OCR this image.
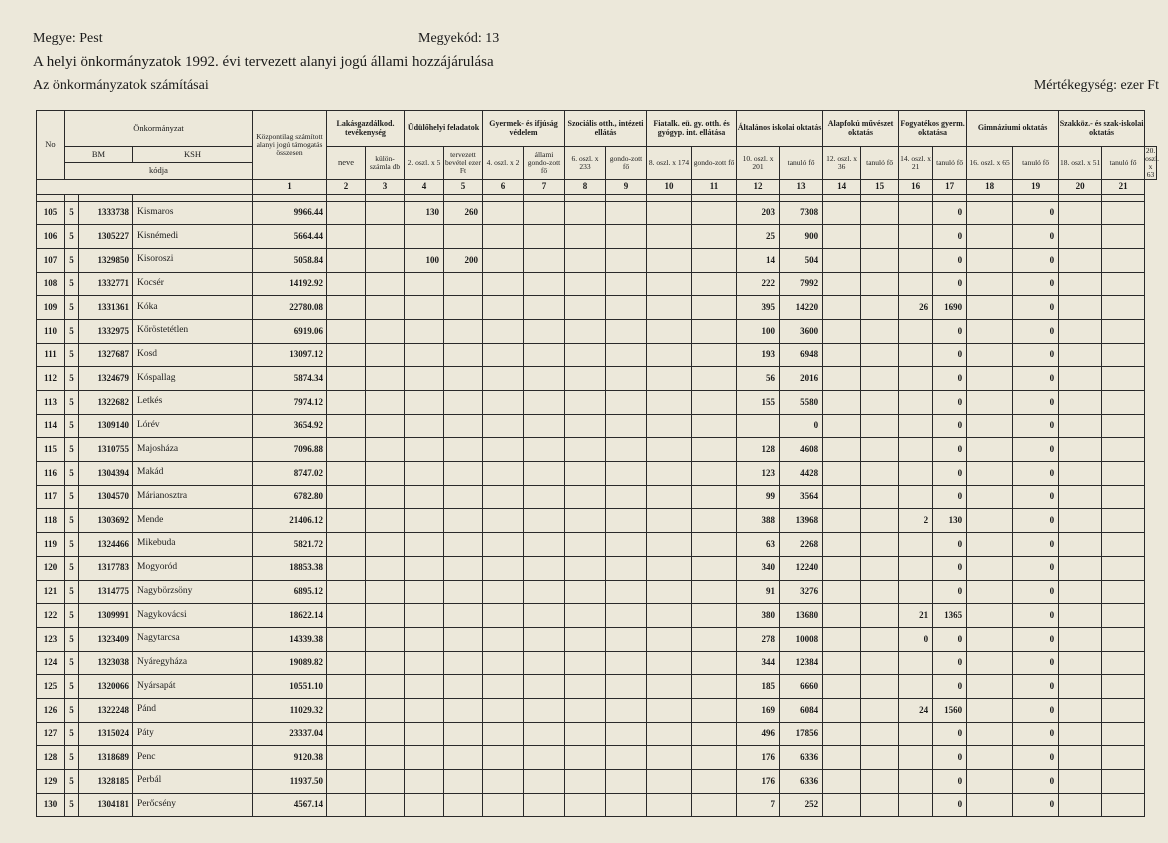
Megye: Pest	Megyekód: 13
A helyi önkormányzatok 1992. évi tervezett alanyi jogú állami hozzájárulása
Az önkormányzatok számításai	Mértékegység: ezer Ft
No	Önkormányzat			Központilag számított alanyi jogú támogatás összesen	Lakásgazdálkod. tevékenység		Üdülőhelyi feladatok		Gyermek- és ifjúság védelem		Szociális otth., intézeti ellátás		Fiatalk. eü. gy. otth. és gyógyp. int. ellátása		Általános iskolai oktatás		Alapfokú művészet oktatás		Fogyatékos gyerm. oktatása		Gimnáziumi oktatás		Szakköz.- és szak-iskolai oktatás		
	BM		KSH		neve	külön-számla db	2. oszl. x 5	tervezett bevétel ezer Ft	4. oszl. x 2	állami gondo-zott fő	6. oszl. x 233	gondo-zott fő	8. oszl. x 174	gondo-zott fő	10. oszl. x 201	tanuló fő	12. oszl. x 36	tanuló fő	14. oszl. x 21	tanuló fő	16. oszl. x 65	tanuló fő	18. oszl. x 51	tanuló fő	20. oszl. x 63
	kódja																								
				1	2	3	4	5	6	7	8	9	10	11	12	13	14	15	16	17	18	19	20	21	

105	5	1333738	Kismaros	9966.44			130	260							203	7308				0		0			
106	5	1305227	Kisnémedi	5664.44											25	900				0		0			
107	5	1329850	Kisoroszi	5058.84			100	200							14	504				0		0			
108	5	1332771	Kocsér	14192.92											222	7992				0		0			
109	5	1331361	Kóka	22780.08											395	14220			26	1690		0			
110	5	1332975	Kőröstetétlen	6919.06											100	3600				0		0			
111	5	1327687	Kosd	13097.12											193	6948				0		0			
112	5	1324679	Kóspallag	5874.34											56	2016				0		0			
113	5	1322682	Letkés	7974.12											155	5580				0		0			
114	5	1309140	Lórév	3654.92												0				0		0			
115	5	1310755	Majosháza	7096.88											128	4608				0		0			
116	5	1304394	Makád	8747.02											123	4428				0		0			
117	5	1304570	Márianosztra	6782.80											99	3564				0		0			
118	5	1303692	Mende	21406.12											388	13968			2	130		0			
119	5	1324466	Mikebuda	5821.72											63	2268				0		0			
120	5	1317783	Mogyoród	18853.38											340	12240				0		0			
121	5	1314775	Nagybörzsöny	6895.12											91	3276				0		0			
122	5	1309991	Nagykovácsi	18622.14											380	13680			21	1365		0			
123	5	1323409	Nagytarcsa	14339.38											278	10008			0	0		0			
124	5	1323038	Nyáregyháza	19089.82											344	12384				0		0			
125	5	1320066	Nyársapát	10551.10											185	6660				0		0			
126	5	1322248	Pánd	11029.32											169	6084			24	1560		0			
127	5	1315024	Páty	23337.04											496	17856				0		0			
128	5	1318689	Penc	9120.38											176	6336				0		0			
129	5	1328185	Perbál	11937.50											176	6336				0		0			
130	5	1304181	Perőcsény	4567.14											7	252				0		0			
